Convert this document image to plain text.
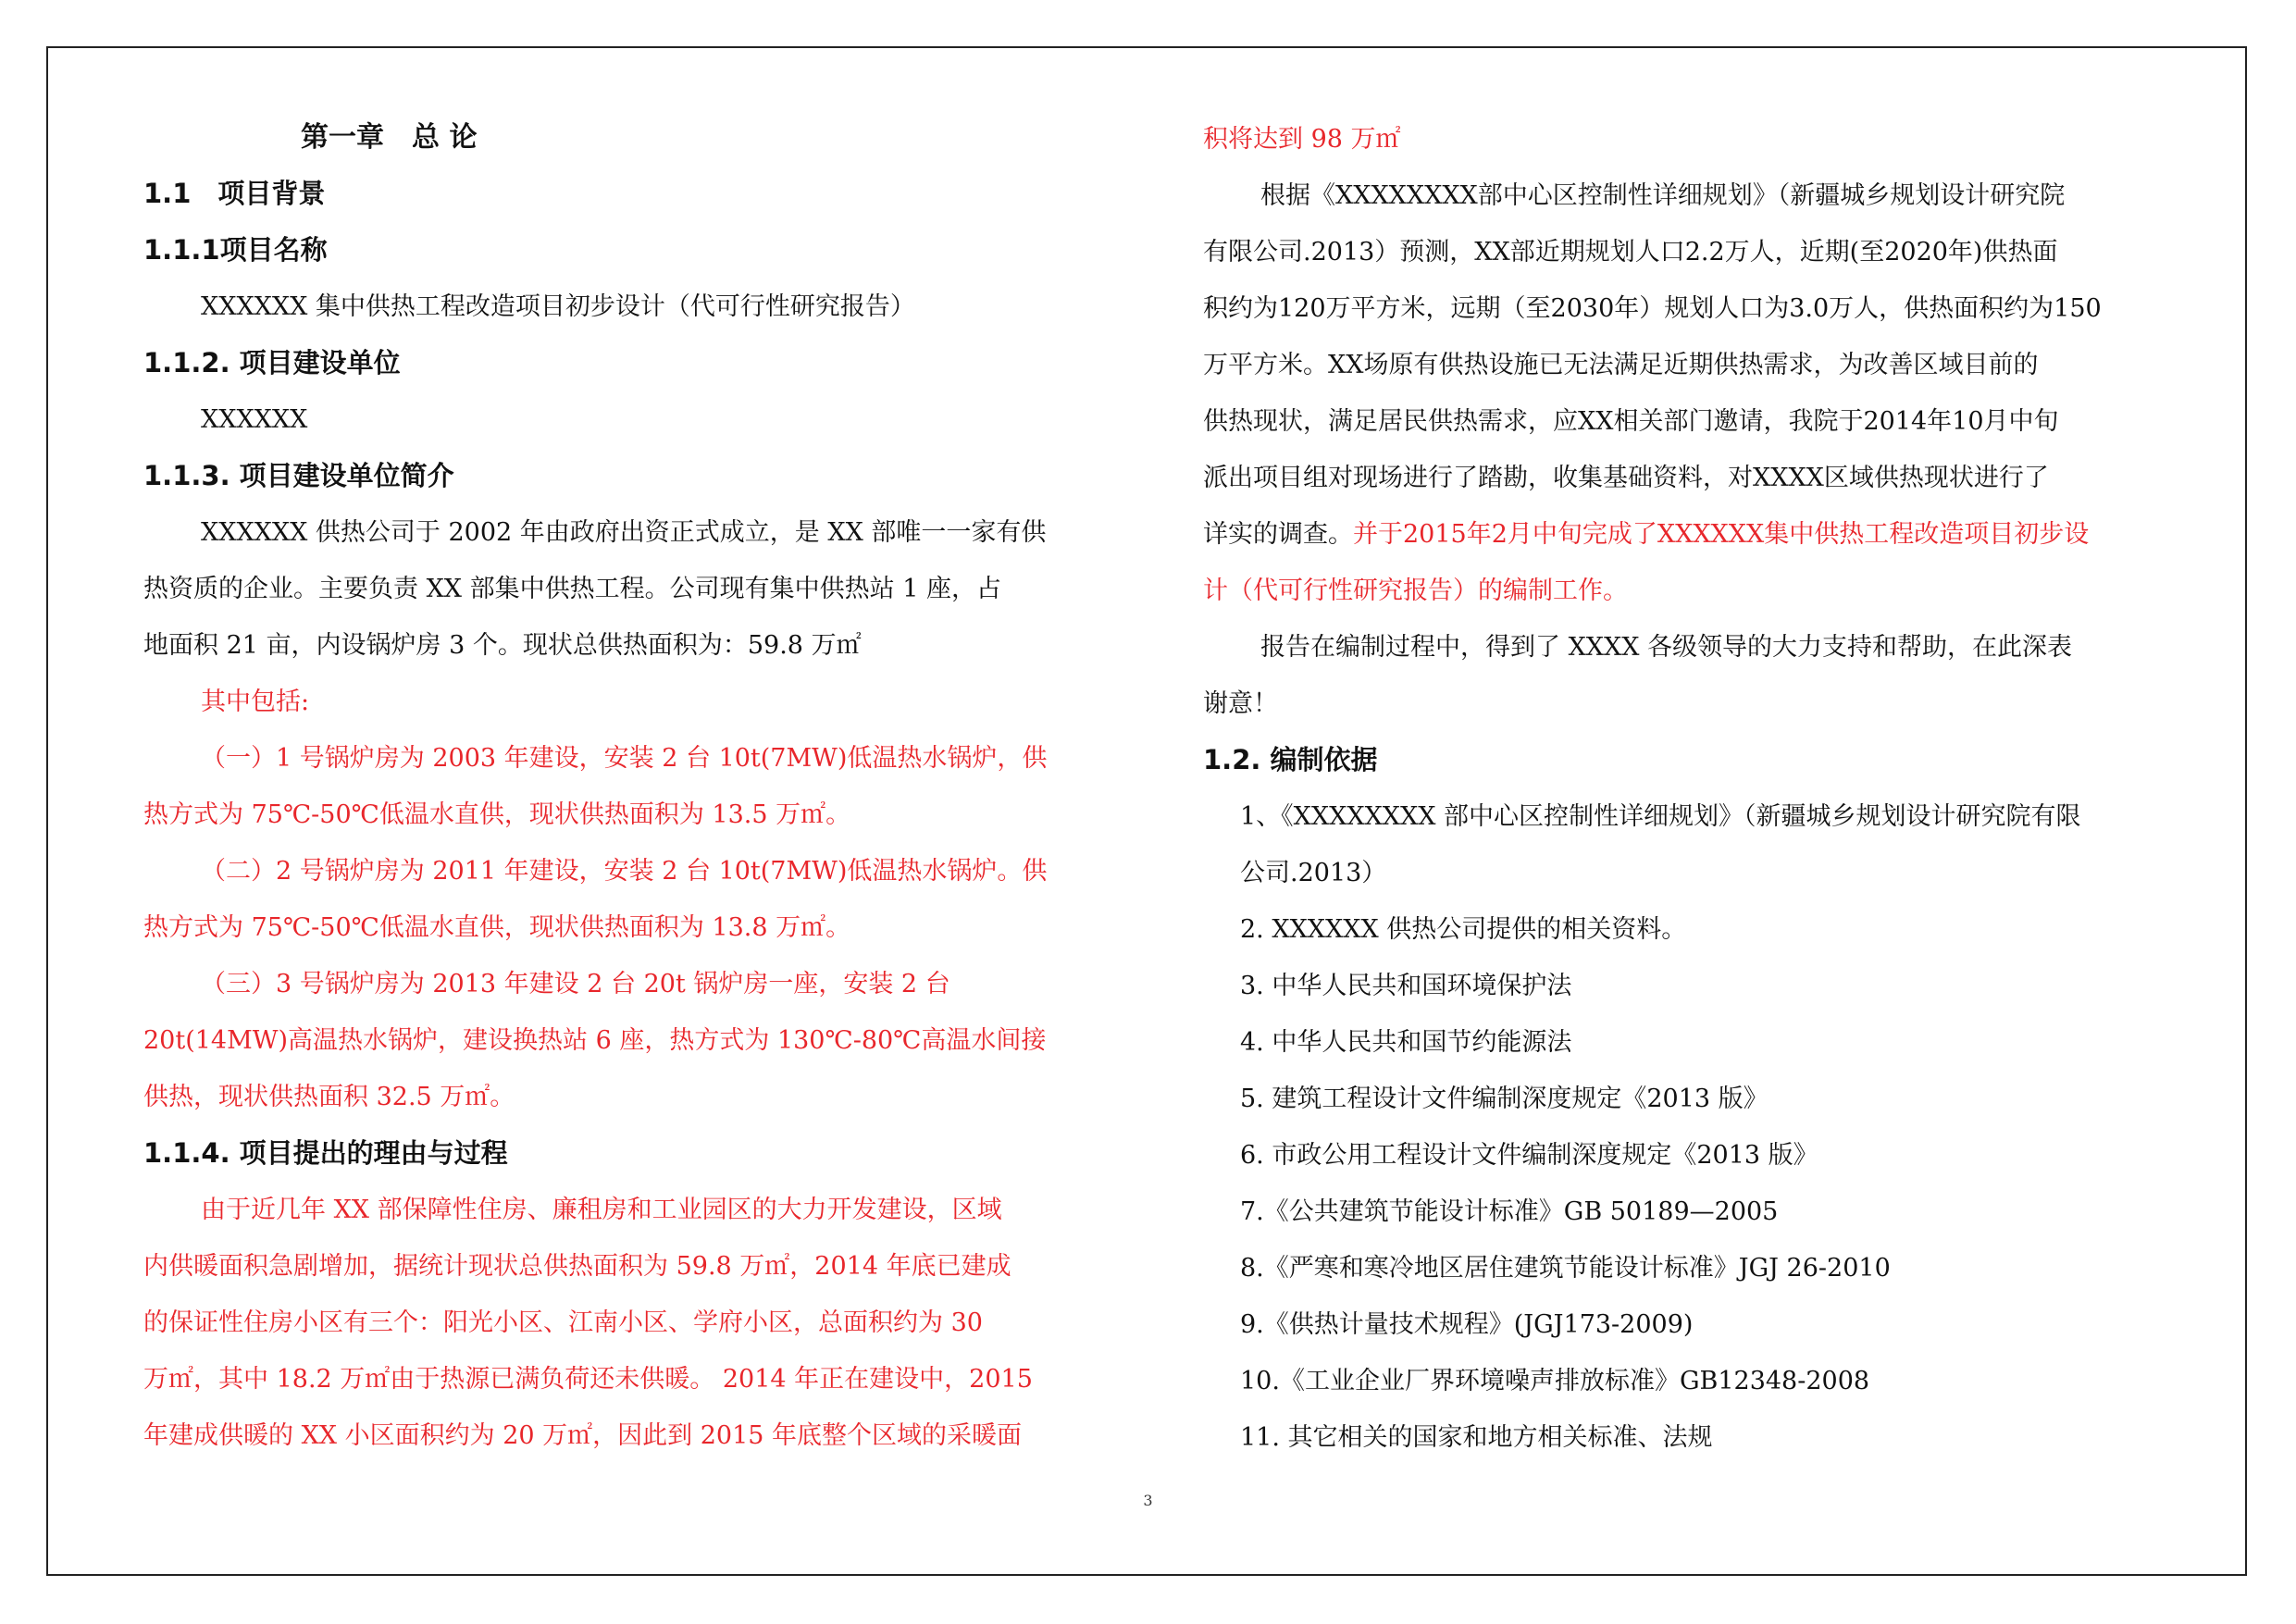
第一章　总 论
1.1　项目背景
1.1.1项目名称
XXXXXX 集中供热工程改造项目初步设计（代可行性研究报告）
1.1.2. 项目建设单位
XXXXXX
1.1.3. 项目建设单位简介
XXXXXX 供热公司于 2002 年由政府出资正式成立，是 XX 部唯一一家有供
热资质的企业。主要负责 XX 部集中供热工程。公司现有集中供热站 1 座，占
地面积 21 亩，内设锅炉房 3 个。现状总供热面积为：59.8 万㎡
其中包括:
（一）1 号锅炉房为 2003 年建设，安装 2 台 10t(7MW)低温热水锅炉，供
热方式为 75℃-50℃低温水直供，现状供热面积为 13.5 万㎡。
（二）2 号锅炉房为 2011 年建设，安装 2 台 10t(7MW)低温热水锅炉。供
热方式为 75℃-50℃低温水直供，现状供热面积为 13.8 万㎡。
（三）3 号锅炉房为 2013 年建设 2 台 20t 锅炉房一座，安装 2 台
20t(14MW)高温热水锅炉，建设换热站 6 座，热方式为 130℃-80℃高温水间接
供热，现状供热面积 32.5 万㎡。
1.1.4. 项目提出的理由与过程
由于近几年 XX 部保障性住房、廉租房和工业园区的大力开发建设，区域
内供暖面积急剧增加，据统计现状总供热面积为 59.8 万㎡，2014 年底已建成
的保证性住房小区有三个：阳光小区、江南小区、学府小区，总面积约为 30
万㎡，其中 18.2 万㎡由于热源已满负荷还未供暖。 2014 年正在建设中，2015
年建成供暖的 XX 小区面积约为 20 万㎡，因此到 2015 年底整个区域的采暖面
积将达到 98 万㎡
根据《XXXXXXXX部中心区控制性详细规划》（新疆城乡规划设计研究院
有限公司.2013）预测，XX部近期规划人口2.2万人，近期(至2020年)供热面
积约为120万平方米，远期（至2030年）规划人口为3.0万人，供热面积约为150
万平方米。XX场原有供热设施已无法满足近期供热需求，为改善区域目前的
供热现状，满足居民供热需求，应XX相关部门邀请，我院于2014年10月中旬
派出项目组对现场进行了踏勘，收集基础资料，对XXXX区域供热现状进行了
详实的调查。并于2015年2月中旬完成了XXXXXX集中供热工程改造项目初步设
计（代可行性研究报告）的编制工作。
报告在编制过程中，得到了 XXXX 各级领导的大力支持和帮助，在此深表
谢意！
1.2. 编制依据
1、《XXXXXXXX 部中心区控制性详细规划》（新疆城乡规划设计研究院有限
公司.2013）
2. XXXXXX 供热公司提供的相关资料。
3. 中华人民共和国环境保护法
4. 中华人民共和国节约能源法
5. 建筑工程设计文件编制深度规定《2013 版》
6. 市政公用工程设计文件编制深度规定《2013 版》
7.《公共建筑节能设计标准》GB 50189—2005
8.《严寒和寒冷地区居住建筑节能设计标准》JGJ 26-2010
9.《供热计量技术规程》(JGJ173-2009)
10.《工业企业厂界环境噪声排放标准》GB12348-2008
11. 其它相关的国家和地方相关标准、法规
3
